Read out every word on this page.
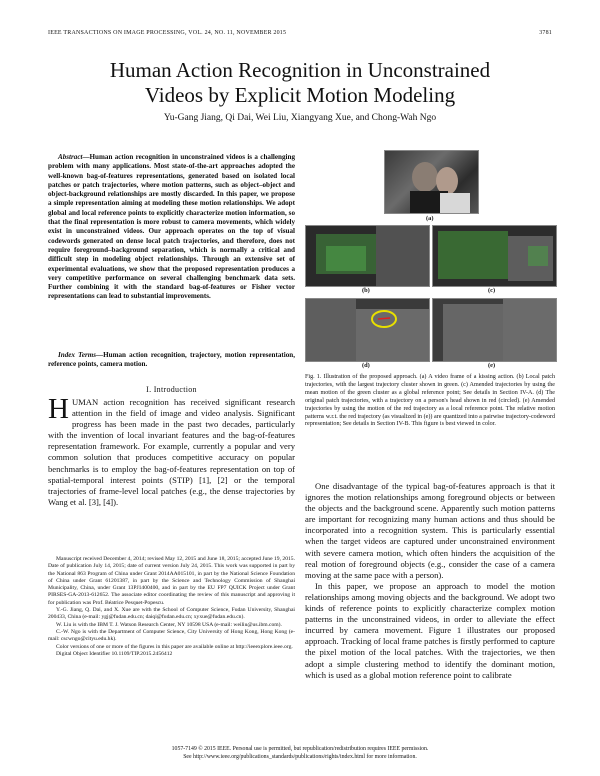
IEEE TRANSACTIONS ON IMAGE PROCESSING, VOL. 24, NO. 11, NOVEMBER 2015	3781
Human Action Recognition in Unconstrained
Videos by Explicit Motion Modeling
Yu-Gang Jiang, Qi Dai, Wei Liu, Xiangyang Xue, and Chong-Wah Ngo
Abstract—Human action recognition in unconstrained videos is a challenging problem with many applications. Most state-of-the-art approaches adopted the well-known bag-of-features representations, generated based on isolated local patches or patch trajectories, where motion patterns, such as object–object and object-background relationships are mostly discarded. In this paper, we propose a simple representation aiming at modeling these motion relationships. We adopt global and local reference points to explicitly characterize motion information, so that the final representation is more robust to camera movements, which widely exist in unconstrained videos. Our approach operates on the top of visual codewords generated on dense local patch trajectories, and therefore, does not require foreground–background separation, which is normally a critical and difficult step in modeling object relationships. Through an extensive set of experimental evaluations, we show that the proposed representation produces a very competitive performance on several challenging benchmark data sets. Further combining it with the standard bag-of-features or Fisher vector representations can lead to substantial improvements.
Index Terms—Human action recognition, trajectory, motion representation, reference points, camera motion.
I. Introduction
HUMAN action recognition has received significant research attention in the field of image and video analysis. Significant progress has been made in the past two decades, particularly with the invention of local invariant features and the bag-of-features representation framework. For example, currently a popular and very common solution that produces competitive accuracy on popular benchmarks is to employ the bag-of-features representation on top of spatial-temporal interest points (STIP) [1], [2] or the temporal trajectories of frame-level local patches (e.g., the dense trajectories by Wang et al. [3], [4]).

Manuscript received December 4, 2014; revised May 12, 2015 and June 18, 2015; accepted June 19, 2015. Date of publication July 14, 2015; date of current version July 24, 2015. This work was supported in part by the National 863 Program of China under Grant 2014AA015101, in part by the National Science Foundation of China under Grant 61201387, in part by the Science and Technology Commission of Shanghai Municipality, China, under Grant 13PJ1400400, and in part by the EU FP7 QUICK Project under Grant PIRSES-GA-2013-612652. The associate editor coordinating the review of this manuscript and approving it for publication was Prof. Béatrice Pesquet-Popescu.

Y.-G. Jiang, Q. Dai, and X. Xue are with the School of Computer Science, Fudan University, Shanghai 200433, China (e-mail: ygj@fudan.edu.cn; daiqi@fudan.edu.cn; xyxue@fudan.edu.cn).

W. Liu is with the IBM T. J. Watson Research Center, NY 10598 USA (e-mail: weiliu@us.ibm.com).

C.-W. Ngo is with the Department of Computer Science, City University of Hong Kong, Hong Kong (e-mail: cscwngo@cityu.edu.hk).

Color versions of one or more of the figures in this paper are available online at http://ieeexplore.ieee.org.

Digital Object Identifier 10.1109/TIP.2015.2456412

(a)
(b)	(c)
(d)	(e)
Fig. 1. Illustration of the proposed approach. (a) A video frame of a kissing action. (b) Local patch trajectories, with the largest trajectory cluster shown in green. (c) Amended trajectories by using the mean motion of the green cluster as a global reference point; See details in Section IV-A. (d) The original patch trajectories, with a trajectory on a person's head shown in red (circled). (e) Amended trajectories by using the motion of the red trajectory as a local reference point. The relative motion patterns w.r.t. the red trajectory (as visualized in (e)) are quantized into a pairwise trajectory-codeword representation; See details in Section IV-B. This figure is best viewed in color.

One disadvantage of the typical bag-of-features approach is that it ignores the motion relationships among foreground objects or between the objects and the background scene. Apparently such motion patterns are important for recognizing many human actions and thus should be incorporated into a recognition system. This is particularly essential when the target videos are captured under unconstrained environment with severe camera motion, which often hinders the acquisition of the real motion of foreground objects (e.g., consider the case of a camera moving at the same pace with a person).

In this paper, we propose an approach to model the motion relationships among moving objects and the background. We adopt two kinds of reference points to explicitly characterize complex motion patterns in the unconstrained videos, in order to alleviate the effect incurred by camera movement. Figure 1 illustrates our proposed approach. Tracking of local frame patches is firstly performed to capture the pixel motion of the local patches. With the trajectories, we then adopt a simple clustering method to identify the dominant motion, which is used as a global motion reference point to calibrate

1057-7149 © 2015 IEEE. Personal use is permitted, but republication/redistribution requires IEEE permission.
See http://www.ieee.org/publications_standards/publications/rights/index.html for more information.
